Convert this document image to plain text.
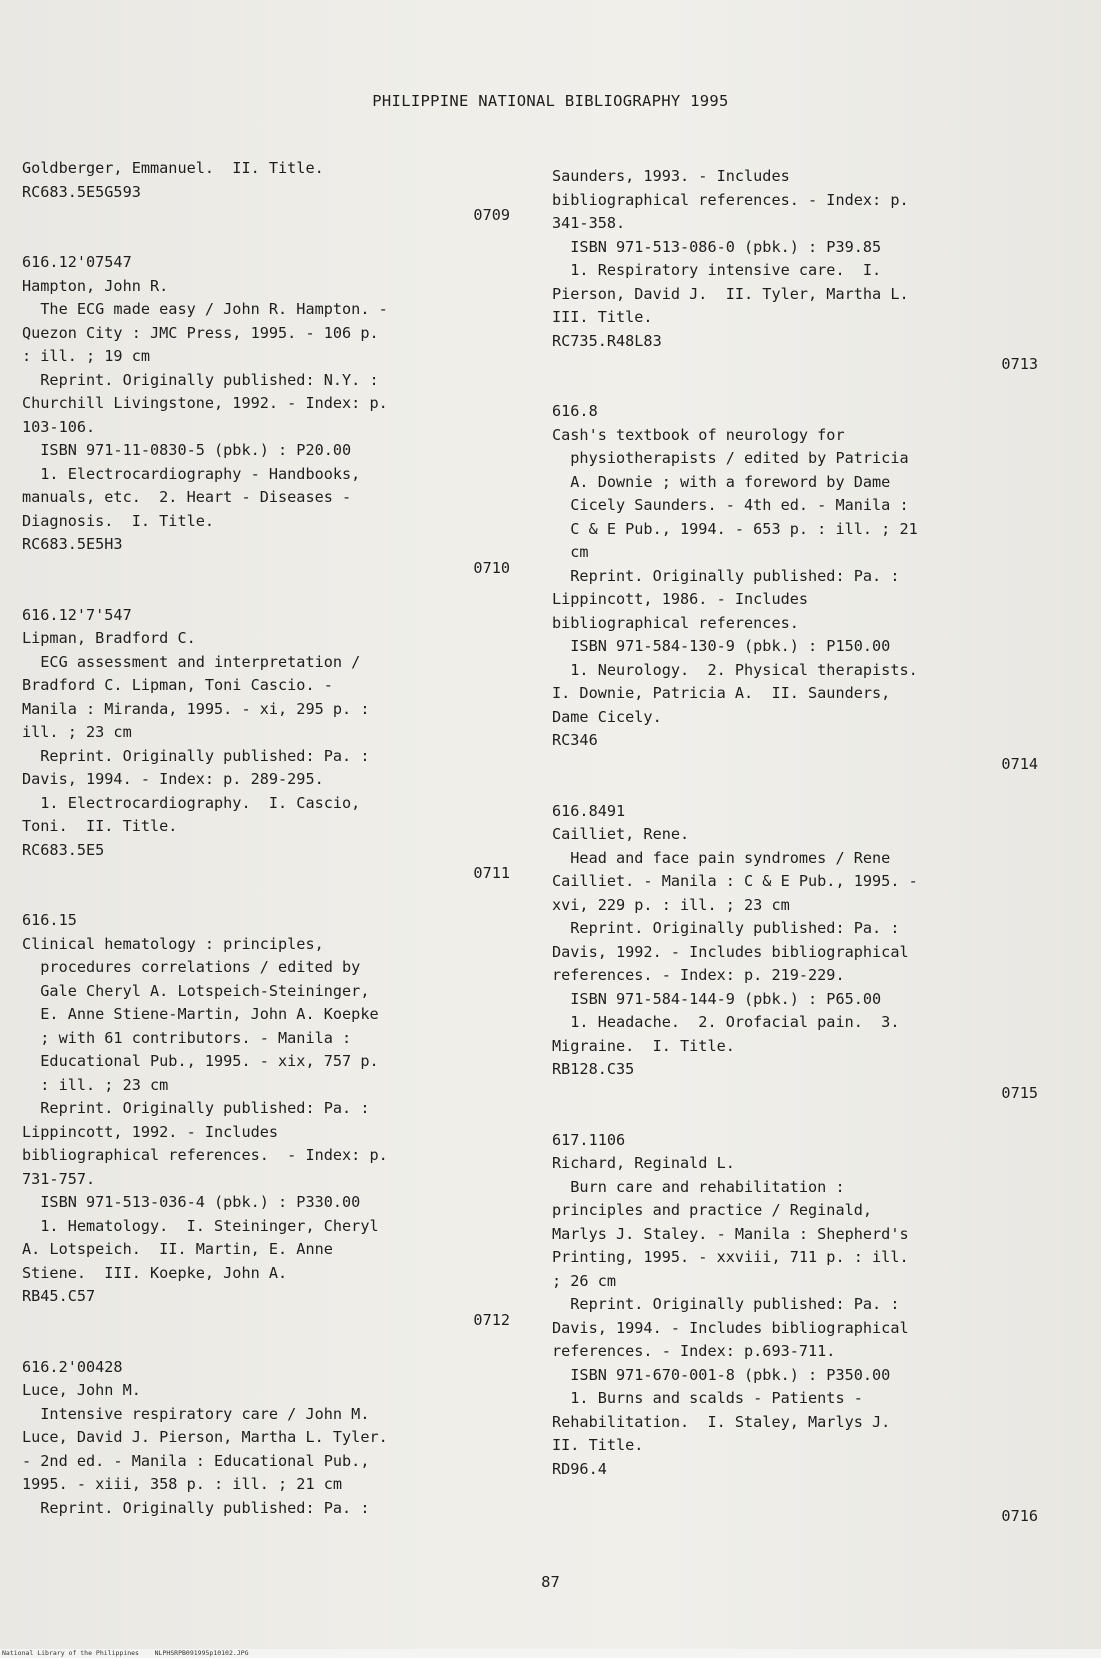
PHILIPPINE NATIONAL BIBLIOGRAPHY 1995
Goldberger, Emmanuel.  II. Title.
RC683.5E5G593
0709
616.12'07547
Hampton, John R.
The ECG made easy / John R. Hampton. -
Quezon City : JMC Press, 1995. - 106 p.
: ill. ; 19 cm
Reprint. Originally published: N.Y. :
Churchill Livingstone, 1992. - Index: p.
103-106.
ISBN 971-11-0830-5 (pbk.) : P20.00
1. Electrocardiography - Handbooks,
manuals, etc.  2. Heart - Diseases -
Diagnosis.  I. Title.
RC683.5E5H3
0710
616.12'7'547
Lipman, Bradford C.
ECG assessment and interpretation /
Bradford C. Lipman, Toni Cascio. -
Manila : Miranda, 1995. - xi, 295 p. :
ill. ; 23 cm
Reprint. Originally published: Pa. :
Davis, 1994. - Index: p. 289-295.
1. Electrocardiography.  I. Cascio,
Toni.  II. Title.
RC683.5E5
0711
616.15
Clinical hematology : principles,
procedures correlations / edited by
Gale Cheryl A. Lotspeich-Steininger,
E. Anne Stiene-Martin, John A. Koepke
; with 61 contributors. - Manila :
Educational Pub., 1995. - xix, 757 p.
: ill. ; 23 cm
Reprint. Originally published: Pa. :
Lippincott, 1992. - Includes
bibliographical references.  - Index: p.
731-757.
ISBN 971-513-036-4 (pbk.) : P330.00
1. Hematology.  I. Steininger, Cheryl
A. Lotspeich.  II. Martin, E. Anne
Stiene.  III. Koepke, John A.
RB45.C57
0712
616.2'00428
Luce, John M.
Intensive respiratory care / John M.
Luce, David J. Pierson, Martha L. Tyler.
- 2nd ed. - Manila : Educational Pub.,
1995. - xiii, 358 p. : ill. ; 21 cm
Reprint. Originally published: Pa. :
Saunders, 1993. - Includes
bibliographical references. - Index: p.
341-358.
ISBN 971-513-086-0 (pbk.) : P39.85
1. Respiratory intensive care.  I.
Pierson, David J.  II. Tyler, Martha L.
III. Title.
RC735.R48L83
0713
616.8
Cash's textbook of neurology for
physiotherapists / edited by Patricia
A. Downie ; with a foreword by Dame
Cicely Saunders. - 4th ed. - Manila :
C & E Pub., 1994. - 653 p. : ill. ; 21
cm
Reprint. Originally published: Pa. :
Lippincott, 1986. - Includes
bibliographical references.
ISBN 971-584-130-9 (pbk.) : P150.00
1. Neurology.  2. Physical therapists.
I. Downie, Patricia A.  II. Saunders,
Dame Cicely.
RC346
0714
616.8491
Cailliet, Rene.
Head and face pain syndromes / Rene
Cailliet. - Manila : C & E Pub., 1995. -
xvi, 229 p. : ill. ; 23 cm
Reprint. Originally published: Pa. :
Davis, 1992. - Includes bibliographical
references. - Index: p. 219-229.
ISBN 971-584-144-9 (pbk.) : P65.00
1. Headache.  2. Orofacial pain.  3.
Migraine.  I. Title.
RB128.C35
0715
617.1106
Richard, Reginald L.
Burn care and rehabilitation :
principles and practice / Reginald,
Marlys J. Staley. - Manila : Shepherd's
Printing, 1995. - xxviii, 711 p. : ill.
; 26 cm
Reprint. Originally published: Pa. :
Davis, 1994. - Includes bibliographical
references. - Index: p.693-711.
ISBN 971-670-001-8 (pbk.) : P350.00
1. Burns and scalds - Patients -
Rehabilitation.  I. Staley, Marlys J.
II. Title.
RD96.4
0716
87
National Library of the Philippines    NLPHSRPB091995p10102.JPG
